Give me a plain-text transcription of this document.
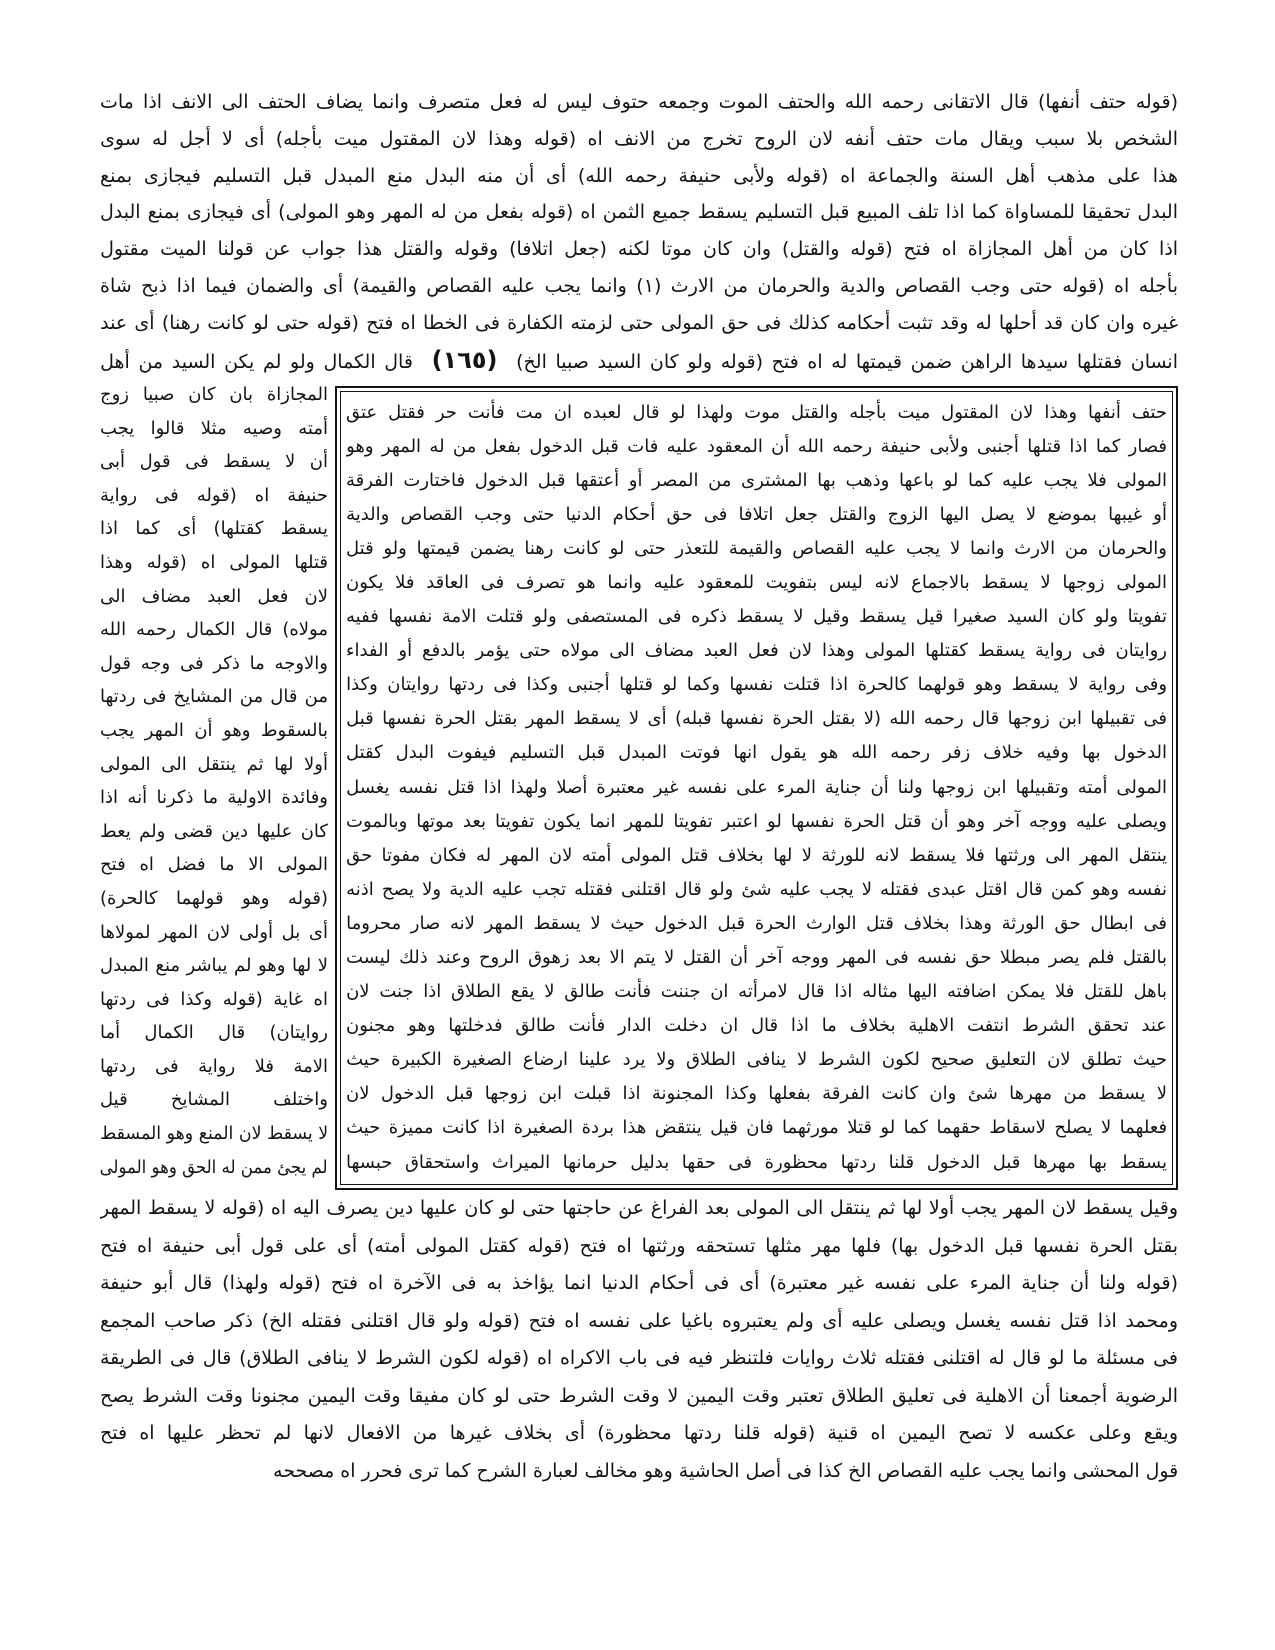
(قوله حتف أنفها) قال الاتقانى رحمه الله والحتف الموت وجمعه حتوف ليس له فعل متصرف وانما يضاف الحتف الى الانف اذا مات
الشخص بلا سبب ويقال مات حتف أنفه لان الروح تخرج من الانف اه (قوله وهذا لان المقتول ميت بأجله) أى لا أجل له سوى
هذا على مذهب أهل السنة والجماعة اه (قوله ولأبى حنيفة رحمه الله) أى أن منه البدل منع المبدل قبل التسليم فيجازى بمنع
البدل تحقيقا للمساواة كما اذا تلف المبيع قبل التسليم يسقط جميع الثمن اه (قوله بفعل من له المهر وهو المولى) أى فيجازى بمنع البدل
اذا كان من أهل المجازاة اه فتح (قوله والقتل) وان كان موتا لكنه (جعل اتلافا) وقوله والقتل هذا جواب عن قولنا الميت مقتول
بأجله اه (قوله حتى وجب القصاص والدية والحرمان من الارث (١) وانما يجب عليه القصاص والقيمة) أى والضمان فيما اذا ذبح شاة
غيره وان كان قد أحلها له وقد تثبت أحكامه كذلك فى حق المولى حتى لزمته الكفارة فى الخطا اه فتح (قوله حتى لو كانت رهنا) أى عند
انسان فقتلها سيدها الراهن ضمن قيمتها له اه فتح (قوله ولو كان السيد صبيا الخ) (١٦٥) قال الكمال ولو لم يكن السيد من أهل
المجازاة بان كان صبيا زوج
أمته وصيه مثلا قالوا يجب
أن لا يسقط فى قول أبى
حنيفة اه (قوله فى رواية
يسقط كقتلها) أى كما اذا
قتلها المولى اه (قوله وهذا
لان فعل العبد مضاف الى
مولاه) قال الكمال رحمه الله
والاوجه ما ذكر فى وجه قول
من قال من المشايخ فى ردتها
بالسقوط وهو أن المهر يجب
أولا لها ثم ينتقل الى المولى
وفائدة الاولية ما ذكرنا أنه اذا
كان عليها دين قضى ولم يعط
المولى الا ما فضل اه فتح
(قوله وهو قولهما كالحرة)
أى بل أولى لان المهر لمولاها
لا لها وهو لم يباشر منع المبدل
اه غاية (قوله وكذا فى ردتها
روايتان) قال الكمال أما
الامة فلا رواية فى ردتها
واختلف المشايخ قيل
لا يسقط لان المنع وهو المسقط
لم يجئ ممن له الحق وهو المولى
حتف أنفها وهذا لان المقتول ميت بأجله والقتل موت ولهذا لو قال لعبده ان مت فأنت حر فقتل عتق
فصار كما اذا قتلها أجنبى ولأبى حنيفة رحمه الله أن المعقود عليه فات قبل الدخول بفعل من له المهر وهو
المولى فلا يجب عليه كما لو باعها وذهب بها المشترى من المصر أو أعتقها قبل الدخول فاختارت الفرقة
أو غيبها بموضع لا يصل اليها الزوج والقتل جعل اتلافا فى حق أحكام الدنيا حتى وجب القصاص والدية
والحرمان من الارث وانما لا يجب عليه القصاص والقيمة للتعذر حتى لو كانت رهنا يضمن قيمتها ولو قتل
المولى زوجها لا يسقط بالاجماع لانه ليس بتفويت للمعقود عليه وانما هو تصرف فى العاقد فلا يكون
تفويتا ولو كان السيد صغيرا قيل يسقط وقيل لا يسقط ذكره فى المستصفى ولو قتلت الامة نفسها ففيه
روايتان فى رواية يسقط كقتلها المولى وهذا لان فعل العبد مضاف الى مولاه حتى يؤمر بالدفع أو الفداء
وفى رواية لا يسقط وهو قولهما كالحرة اذا قتلت نفسها وكما لو قتلها أجنبى وكذا فى ردتها روايتان وكذا
فى تقبيلها ابن زوجها قال رحمه الله (لا بقتل الحرة نفسها قبله) أى لا يسقط المهر بقتل الحرة نفسها قبل
الدخول بها وفيه خلاف زفر رحمه الله هو يقول انها فوتت المبدل قبل التسليم فيفوت البدل كقتل
المولى أمته وتقبيلها ابن زوجها ولنا أن جناية المرء على نفسه غير معتبرة أصلا ولهذا اذا قتل نفسه يغسل
ويصلى عليه ووجه آخر وهو أن قتل الحرة نفسها لو اعتبر تفويتا للمهر انما يكون تفويتا بعد موتها وبالموت
ينتقل المهر الى ورثتها فلا يسقط لانه للورثة لا لها بخلاف قتل المولى أمته لان المهر له فكان مفوتا حق
نفسه وهو كمن قال اقتل عبدى فقتله لا يجب عليه شئ ولو قال اقتلنى فقتله تجب عليه الدية ولا يصح اذنه
فى ابطال حق الورثة وهذا بخلاف قتل الوارث الحرة قبل الدخول حيث لا يسقط المهر لانه صار محروما
بالقتل فلم يصر مبطلا حق نفسه فى المهر ووجه آخر أن القتل لا يتم الا بعد زهوق الروح وعند ذلك ليست
باهل للقتل فلا يمكن اضافته اليها مثاله اذا قال لامرأته ان جننت فأنت طالق لا يقع الطلاق اذا جنت لان
عند تحقق الشرط انتفت الاهلية بخلاف ما اذا قال ان دخلت الدار فأنت طالق فدخلتها وهو مجنون
حيث تطلق لان التعليق صحيح لكون الشرط لا ينافى الطلاق ولا يرد علينا ارضاع الصغيرة الكبيرة حيث
لا يسقط من مهرها شئ وان كانت الفرقة بفعلها وكذا المجنونة اذا قبلت ابن زوجها قبل الدخول لان
فعلهما لا يصلح لاسقاط حقهما كما لو قتلا مورثهما فان قيل ينتقض هذا بردة الصغيرة اذا كانت مميزة حيث
يسقط بها مهرها قبل الدخول قلنا ردتها محظورة فى حقها بدليل حرمانها الميراث واستحقاق حبسها
وقيل يسقط لان المهر يجب أولا لها ثم ينتقل الى المولى بعد الفراغ عن حاجتها حتى لو كان عليها دين يصرف اليه اه (قوله لا يسقط المهر
بقتل الحرة نفسها قبل الدخول بها) فلها مهر مثلها تستحقه ورثتها اه فتح (قوله كقتل المولى أمته) أى على قول أبى حنيفة اه فتح
(قوله ولنا أن جناية المرء على نفسه غير معتبرة) أى فى أحكام الدنيا انما يؤاخذ به فى الآخرة اه فتح (قوله ولهذا) قال أبو حنيفة
ومحمد اذا قتل نفسه يغسل ويصلى عليه أى ولم يعتبروه باغيا على نفسه اه فتح (قوله ولو قال اقتلنى فقتله الخ) ذكر صاحب المجمع
فى مسئلة ما لو قال له اقتلنى فقتله ثلاث روايات فلتنظر فيه فى باب الاكراه اه (قوله لكون الشرط لا ينافى الطلاق) قال فى الطريقة
الرضوية أجمعنا أن الاهلية فى تعليق الطلاق تعتبر وقت اليمين لا وقت الشرط حتى لو كان مفيقا وقت اليمين مجنونا وقت الشرط يصح
ويقع وعلى عكسه لا تصح اليمين اه قنية (قوله قلنا ردتها محظورة) أى بخلاف غيرها من الافعال لانها لم تحظر عليها اه فتح
قول المحشى وانما يجب عليه القصاص الخ كذا فى أصل الحاشية وهو مخالف لعبارة الشرح كما ترى فحرر اه مصححه
